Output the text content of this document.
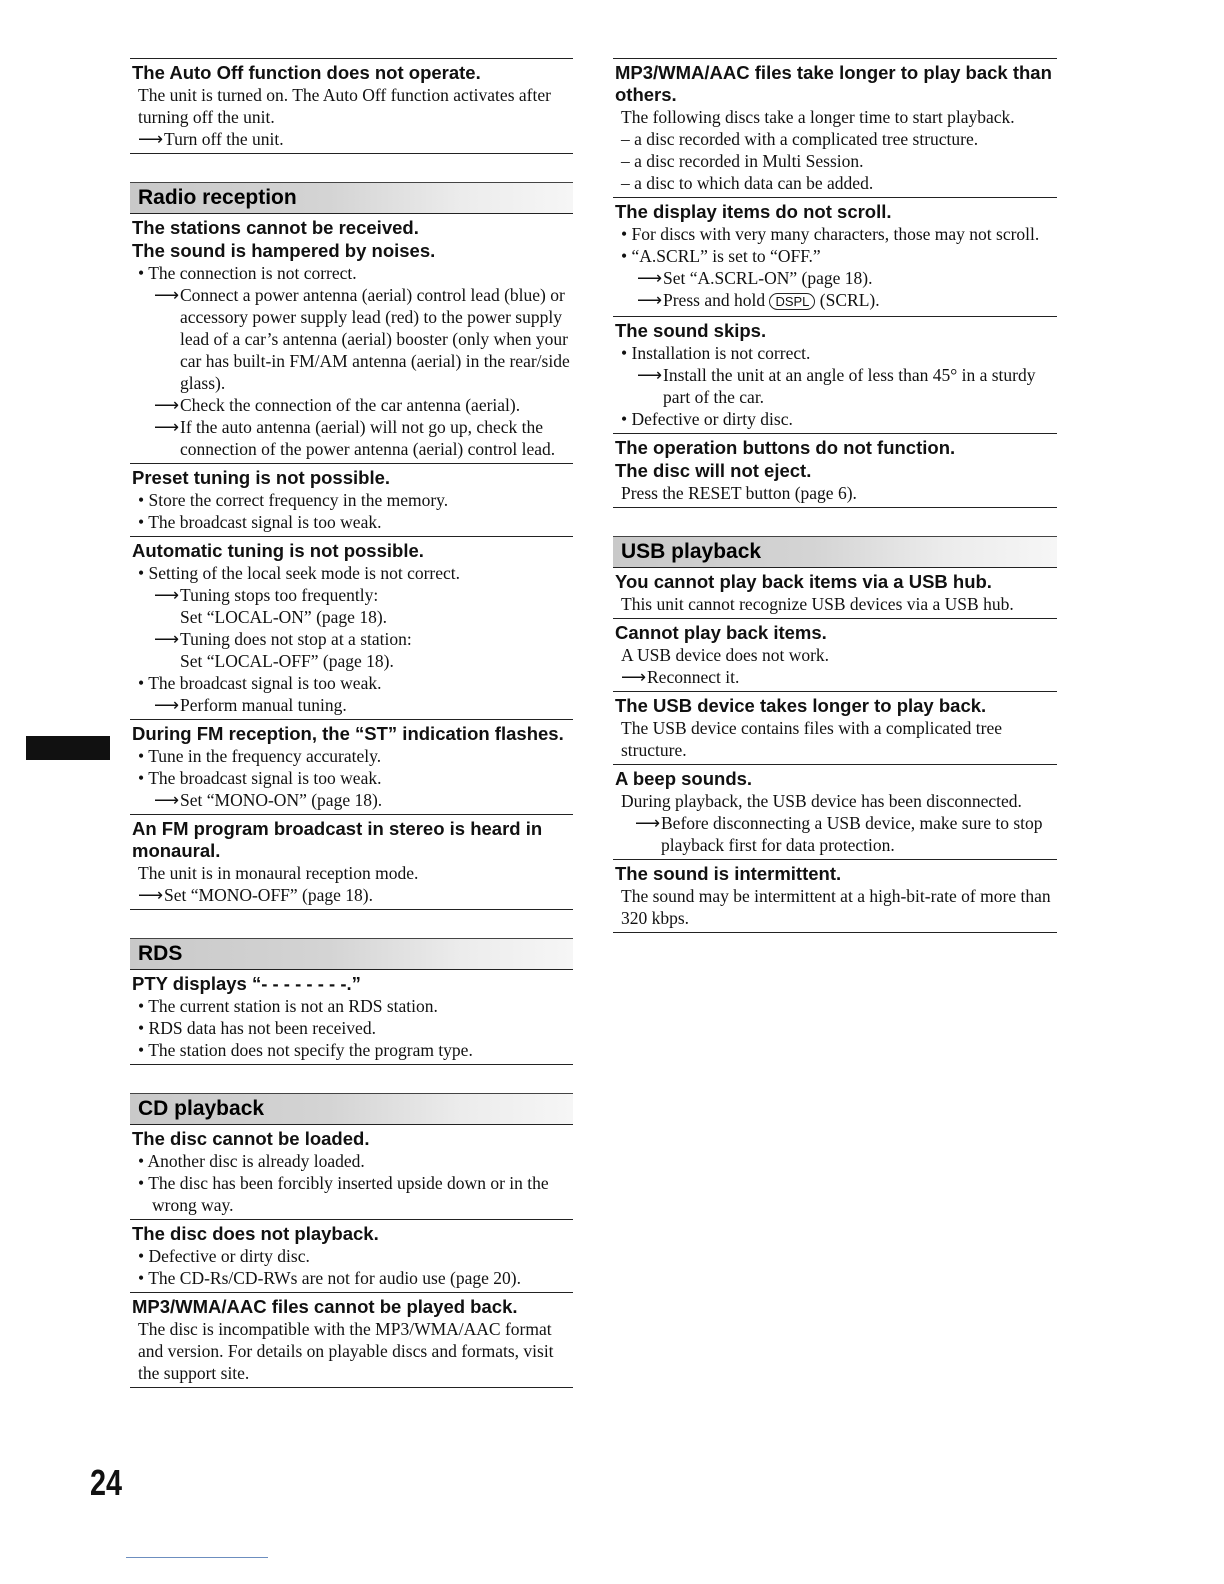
The Auto Off function does not operate.
The unit is turned on. The Auto Off function activates after turning off the unit.
⟶Turn off the unit.
Radio reception
The stations cannot be received.
The sound is hampered by noises.
• The connection is not correct.
⟶Connect a power antenna (aerial) control lead (blue) or accessory power supply lead (red) to the power supply lead of a car’s antenna (aerial) booster (only when your car has built-in FM/AM antenna (aerial) in the rear/side glass).
⟶Check the connection of the car antenna (aerial).
⟶If the auto antenna (aerial) will not go up, check the connection of the power antenna (aerial) control lead.
Preset tuning is not possible.
• Store the correct frequency in the memory.
• The broadcast signal is too weak.
Automatic tuning is not possible.
• Setting of the local seek mode is not correct.
⟶Tuning stops too frequently:
Set “LOCAL-ON” (page 18).
⟶Tuning does not stop at a station:
Set “LOCAL-OFF” (page 18).
• The broadcast signal is too weak.
⟶Perform manual tuning.
During FM reception, the “ST” indication flashes.
• Tune in the frequency accurately.
• The broadcast signal is too weak.
⟶Set “MONO-ON” (page 18).
An FM program broadcast in stereo is heard in monaural.
The unit is in monaural reception mode.
⟶Set “MONO-OFF” (page 18).
RDS
PTY displays “- - - - - - - -.”
• The current station is not an RDS station.
• RDS data has not been received.
• The station does not specify the program type.
CD playback
The disc cannot be loaded.
• Another disc is already loaded.
• The disc has been forcibly inserted upside down or in the wrong way.
The disc does not playback.
• Defective or dirty disc.
• The CD-Rs/CD-RWs are not for audio use (page 20).
MP3/WMA/AAC files cannot be played back.
The disc is incompatible with the MP3/WMA/AAC format and version. For details on playable discs and formats, visit the support site.
MP3/WMA/AAC files take longer to play back than others.
The following discs take a longer time to start playback.
– a disc recorded with a complicated tree structure.
– a disc recorded in Multi Session.
– a disc to which data can be added.
The display items do not scroll.
• For discs with very many characters, those may not scroll.
• “A.SCRL” is set to “OFF.”
⟶Set “A.SCRL-ON” (page 18).
⟶Press and hold DSPL (SCRL).
The sound skips.
• Installation is not correct.
⟶Install the unit at an angle of less than 45° in a sturdy part of the car.
• Defective or dirty disc.
The operation buttons do not function.
The disc will not eject.
Press the RESET button (page 6).
USB playback
You cannot play back items via a USB hub.
This unit cannot recognize USB devices via a USB hub.
Cannot play back items.
A USB device does not work.
⟶Reconnect it.
The USB device takes longer to play back.
The USB device contains files with a complicated tree structure.
A beep sounds.
During playback, the USB device has been disconnected.
⟶Before disconnecting a USB device, make sure to stop playback first for data protection.
The sound is intermittent.
The sound may be intermittent at a high-bit-rate of more than 320 kbps.
24
